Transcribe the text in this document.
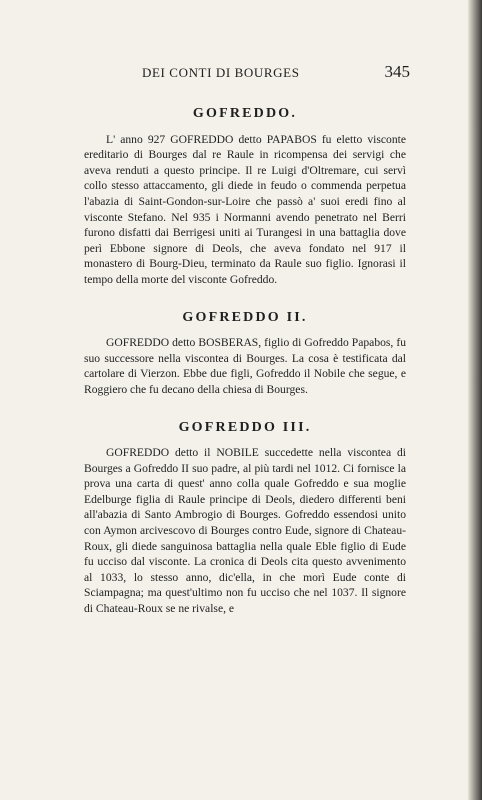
DEI CONTI DI BOURGES	345
GOFREDDO.

L' anno 927 GOFREDDO detto PAPABOS fu eletto visconte ereditario di Bourges dal re Raule in ricompensa dei servigi che aveva renduti a questo principe. Il re Luigi d'Oltremare, cui servì collo stesso attaccamento, gli diede in feudo o commenda perpetua l'abazia di Saint-Gondon-sur-Loire che passò a' suoi eredi fino al visconte Stefano. Nel 935 i Normanni avendo penetrato nel Berri furono disfatti dai Berrigesi uniti ai Turangesi in una battaglia dove perì Ebbone signore di Deols, che aveva fondato nel 917 il monastero di Bourg-Dieu, terminato da Raule suo figlio. Ignorasi il tempo della morte del visconte Gofreddo.

GOFREDDO II.

GOFREDDO detto BOSBERAS, figlio di Gofreddo Papabos, fu suo successore nella viscontea di Bourges. La cosa è testificata dal cartolare di Vierzon. Ebbe due figli, Gofreddo il Nobile che segue, e Roggiero che fu decano della chiesa di Bourges.

GOFREDDO III.

GOFREDDO detto il NOBILE succedette nella viscontea di Bourges a Gofreddo II suo padre, al più tardi nel 1012. Ci fornisce la prova una carta di quest' anno colla quale Gofreddo e sua moglie Edelburge figlia di Raule principe di Deols, diedero differenti beni all'abazia di Santo Ambrogio di Bourges. Gofreddo essendosi unito con Aymon arcivescovo di Bourges contro Eude, signore di Chateau-Roux, gli diede sanguinosa battaglia nella quale Eble figlio di Eude fu ucciso dal visconte. La cronica di Deols cita questo avvenimento al 1033, lo stesso anno, dic'ella, in che morì Eude conte di Sciampagna; ma quest'ultimo non fu ucciso che nel 1037. Il signore di Chateau-Roux se ne rivalse, e
